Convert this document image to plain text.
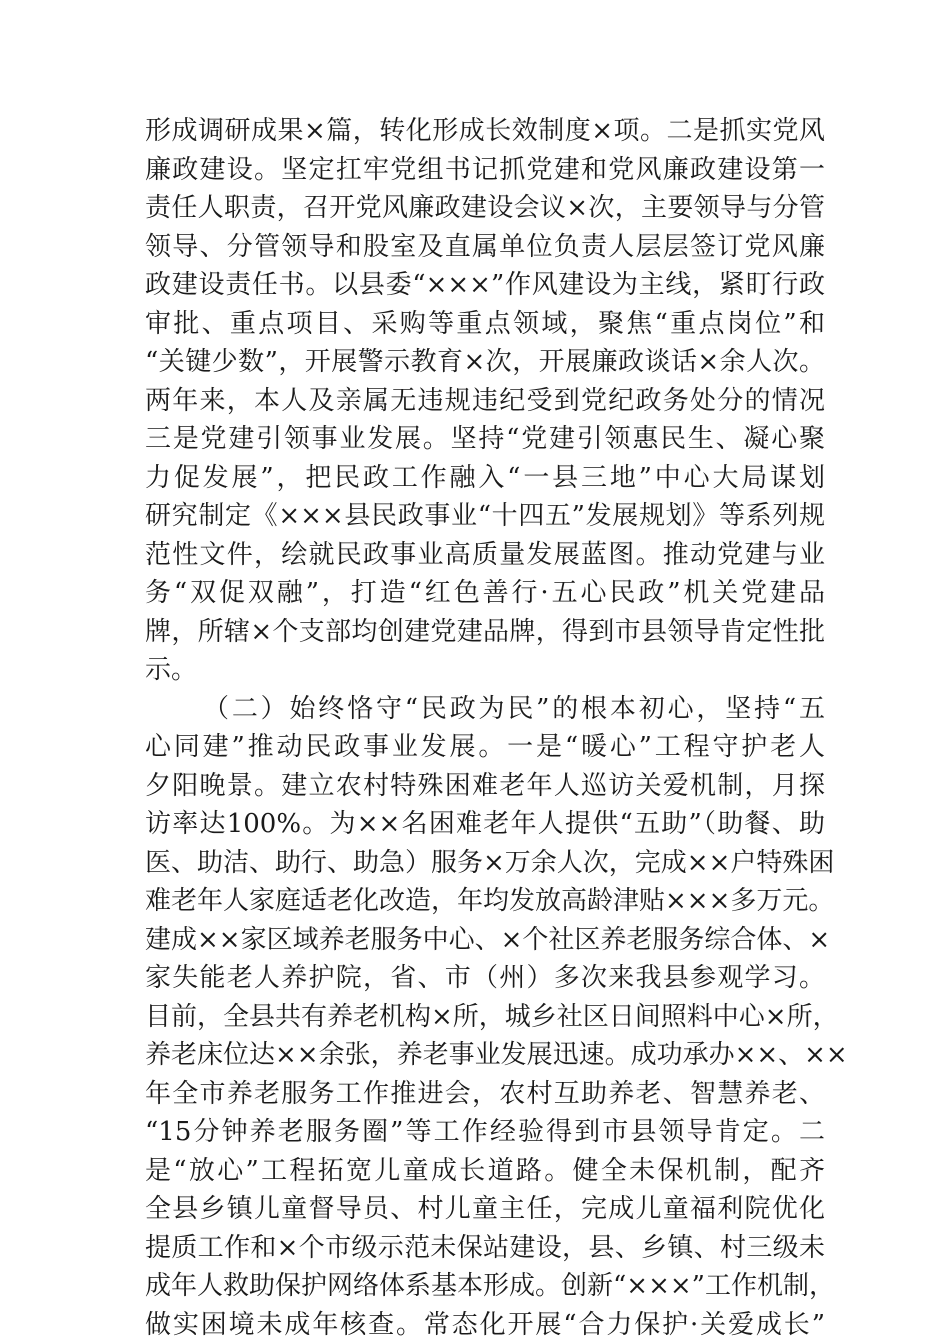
形成调研成果×篇，转化形成长效制度×项。二是抓实党风
廉政建设。坚定扛牢党组书记抓党建和党风廉政建设第一
责任人职责，召开党风廉政建设会议×次，主要领导与分管
领导、分管领导和股室及直属单位负责人层层签订党风廉
政建设责任书。以县委“×××”作风建设为主线，紧盯行政
审批、重点项目、采购等重点领域，聚焦“重点岗位”和
“关键少数”，开展警示教育×次，开展廉政谈话×余人次。
两年来，本人及亲属无违规违纪受到党纪政务处分的情况
三是党建引领事业发展。坚持“党建引领惠民生、凝心聚
力促发展”，把民政工作融入“一县三地”中心大局谋划
研究制定《×××县民政事业“十四五”发展规划》等系列规
范性文件，绘就民政事业高质量发展蓝图。推动党建与业
务“双促双融”，打造“红色善行·五心民政”机关党建品
牌，所辖×个支部均创建党建品牌，得到市县领导肯定性批
示。
（二）始终恪守“民政为民”的根本初心，坚持“五
心同建”推动民政事业发展。一是“暖心”工程守护老人
夕阳晚景。建立农村特殊困难老年人巡访关爱机制，月探
访率达100%。为××名困难老年人提供“五助”（助餐、助
医、助洁、助行、助急）服务×万余人次，完成××户特殊困
难老年人家庭适老化改造，年均发放高龄津贴×××多万元。
建成××家区域养老服务中心、×个社区养老服务综合体、×
家失能老人养护院，省、市（州）多次来我县参观学习。
目前，全县共有养老机构×所，城乡社区日间照料中心×所，
养老床位达××余张，养老事业发展迅速。成功承办××、××
年全市养老服务工作推进会，农村互助养老、智慧养老、
“15分钟养老服务圈”等工作经验得到市县领导肯定。二
是“放心”工程拓宽儿童成长道路。健全未保机制，配齐
全县乡镇儿童督导员、村儿童主任，完成儿童福利院优化
提质工作和×个市级示范未保站建设，县、乡镇、村三级未
成年人救助保护网络体系基本形成。创新“×××”工作机制，
做实困境未成年核查。常态化开展“合力保护·关爱成长”
